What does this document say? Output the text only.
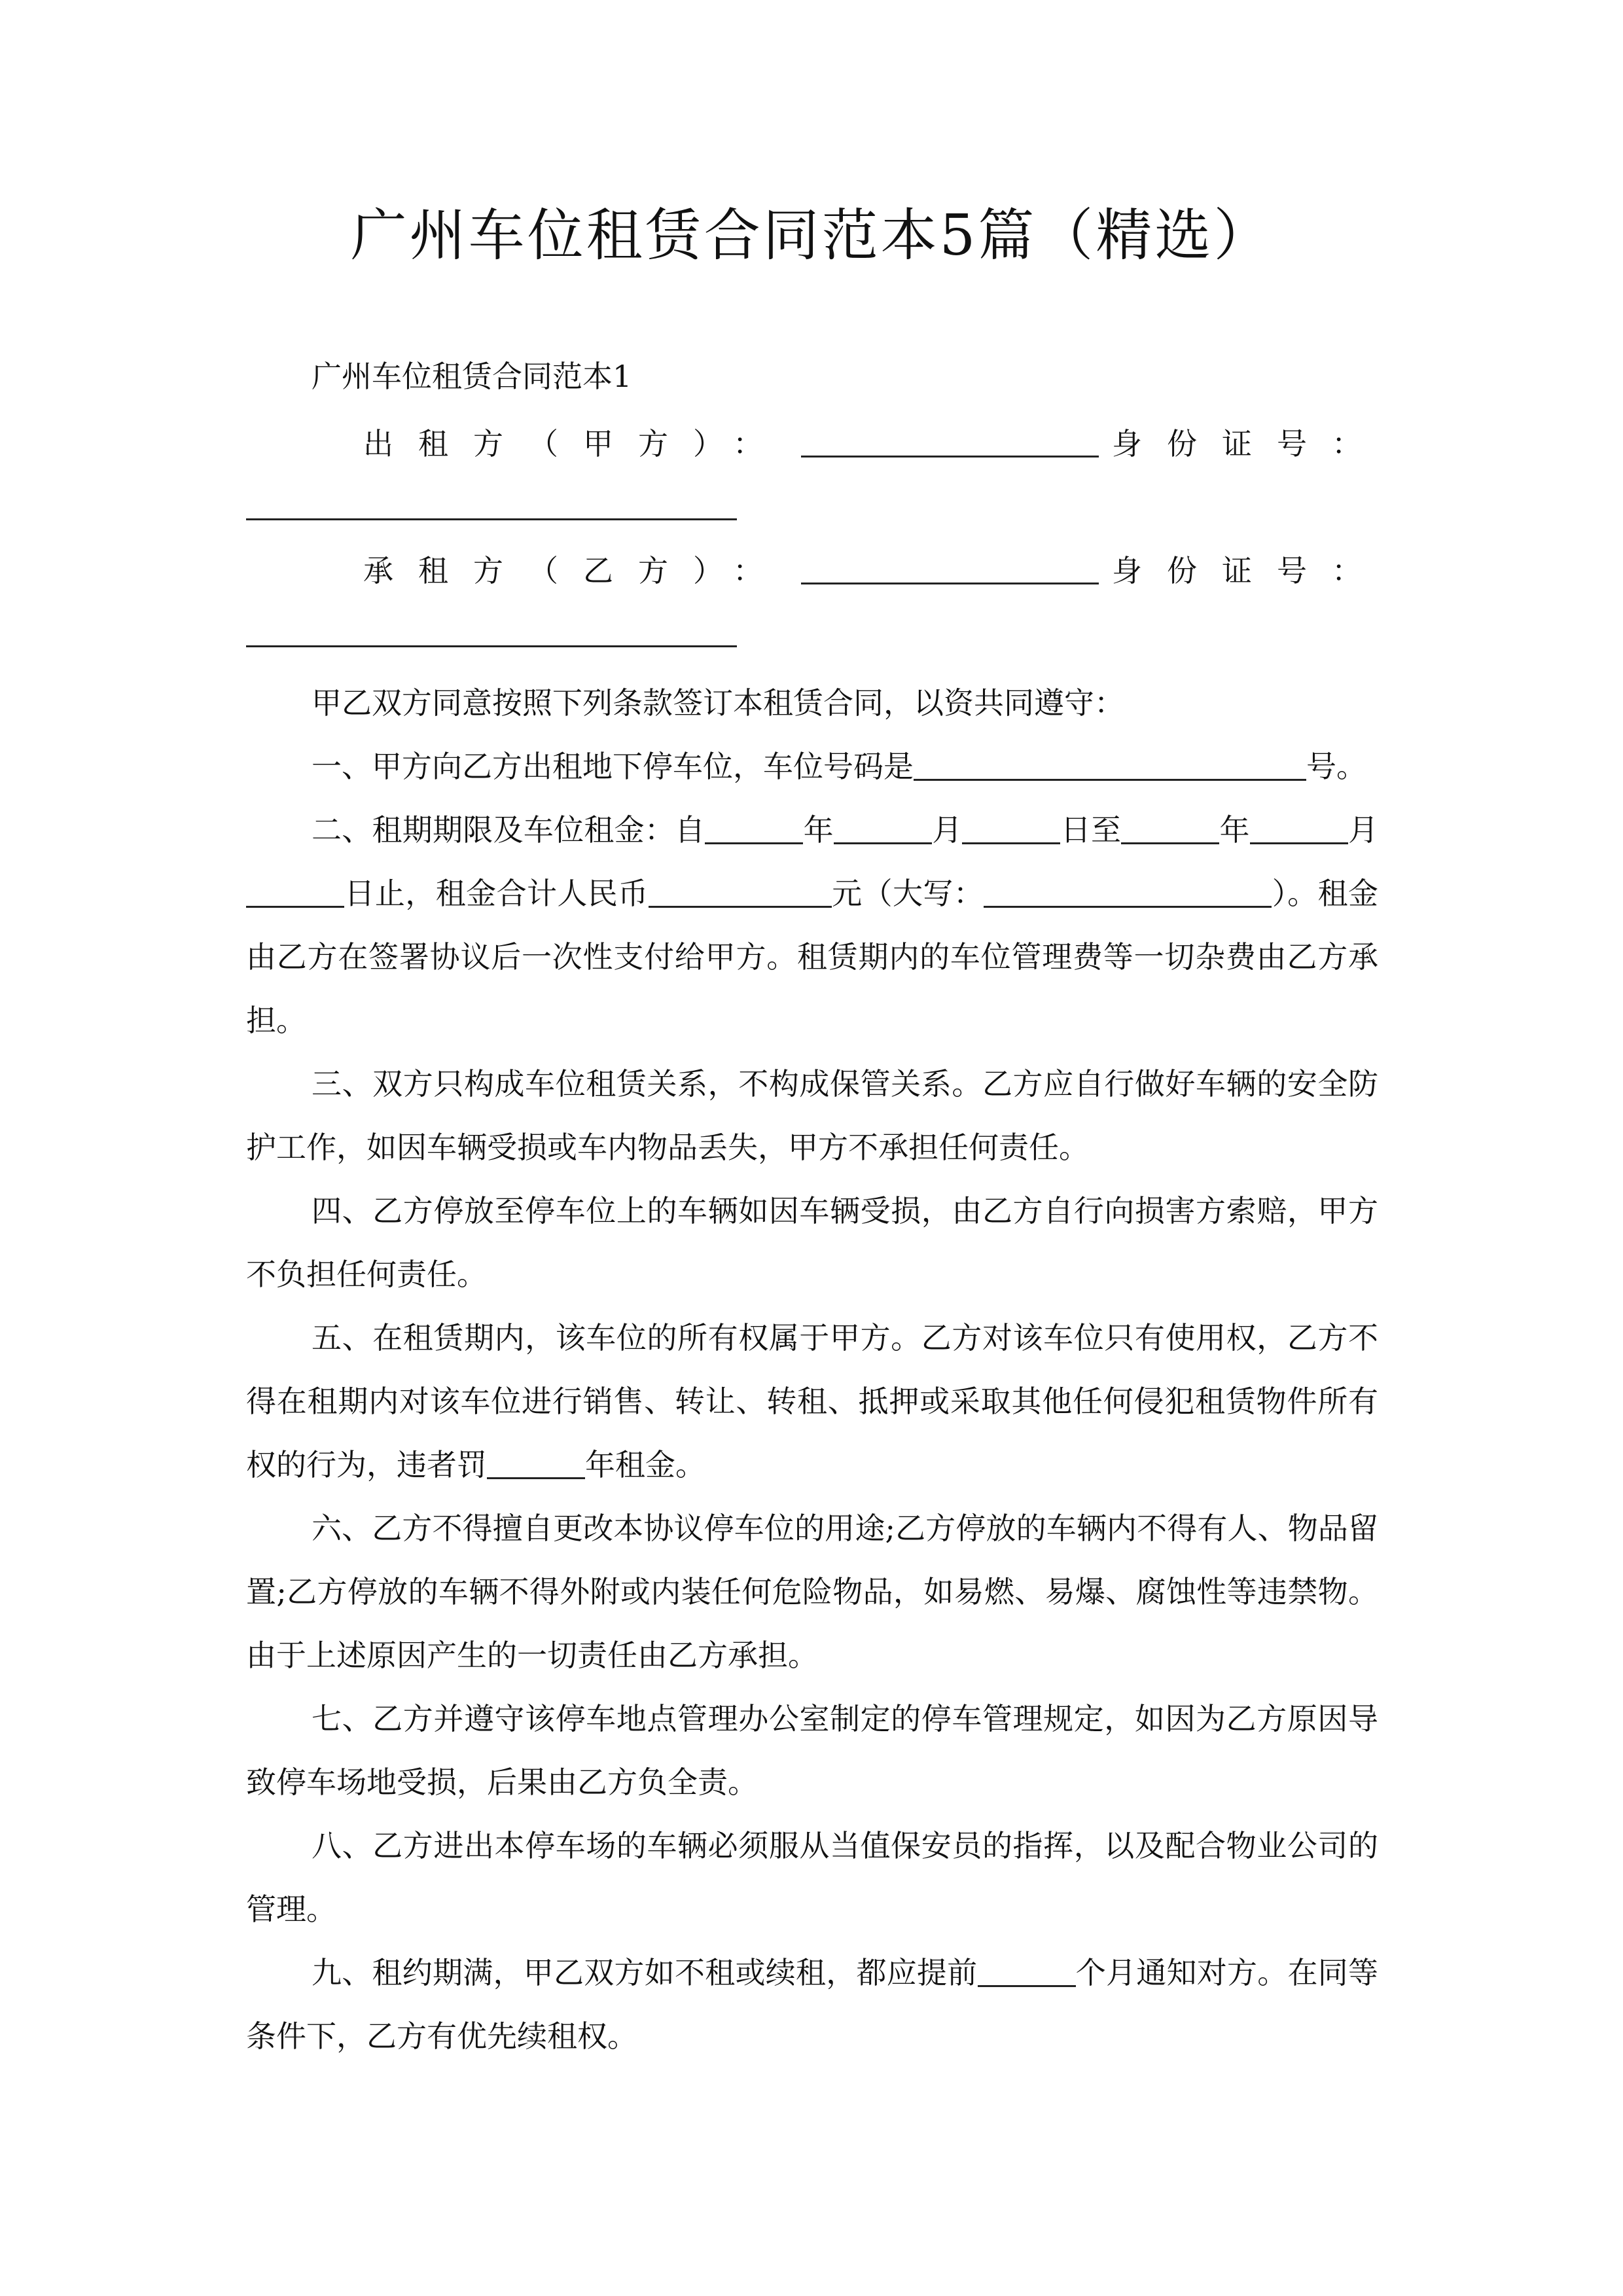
广州车位租赁合同范本5篇（精选）
广州车位租赁合同范本1
出租方（甲方）：	身份证号：
承租方（乙方）：	身份证号：

甲乙双方同意按照下列条款签订本租赁合同，以资共同遵守：

一、甲方向乙方出租地下停车位，车位号码是	号。

二、租期期限及车位租金：自	年	月	日至	年	月日止，租金合计人民币	元（大写：	）。租金由乙方在签署协议后一次性支付给甲方。租赁期内的车位管理费等一切杂费由乙方承担。

三、双方只构成车位租赁关系，不构成保管关系。乙方应自行做好车辆的安全防护工作，如因车辆受损或车内物品丢失，甲方不承担任何责任。

四、乙方停放至停车位上的车辆如因车辆受损，由乙方自行向损害方索赔，甲方不负担任何责任。

五、在租赁期内，该车位的所有权属于甲方。乙方对该车位只有使用权，乙方不得在租期内对该车位进行销售、转让、转租、抵押或采取其他任何侵犯租赁物件所有权的行为，违者罚	年租金。

六、乙方不得擅自更改本协议停车位的用途;乙方停放的车辆内不得有人、物品留置;乙方停放的车辆不得外附或内装任何危险物品，如易燃、易爆、腐蚀性等违禁物。由于上述原因产生的一切责任由乙方承担。

七、乙方并遵守该停车地点管理办公室制定的停车管理规定，如因为乙方原因导致停车场地受损，后果由乙方负全责。

八、乙方进出本停车场的车辆必须服从当值保安员的指挥，以及配合物业公司的管理。

九、租约期满，甲乙双方如不租或续租，都应提前	个月通知对方。在同等条件下，乙方有优先续租权。
